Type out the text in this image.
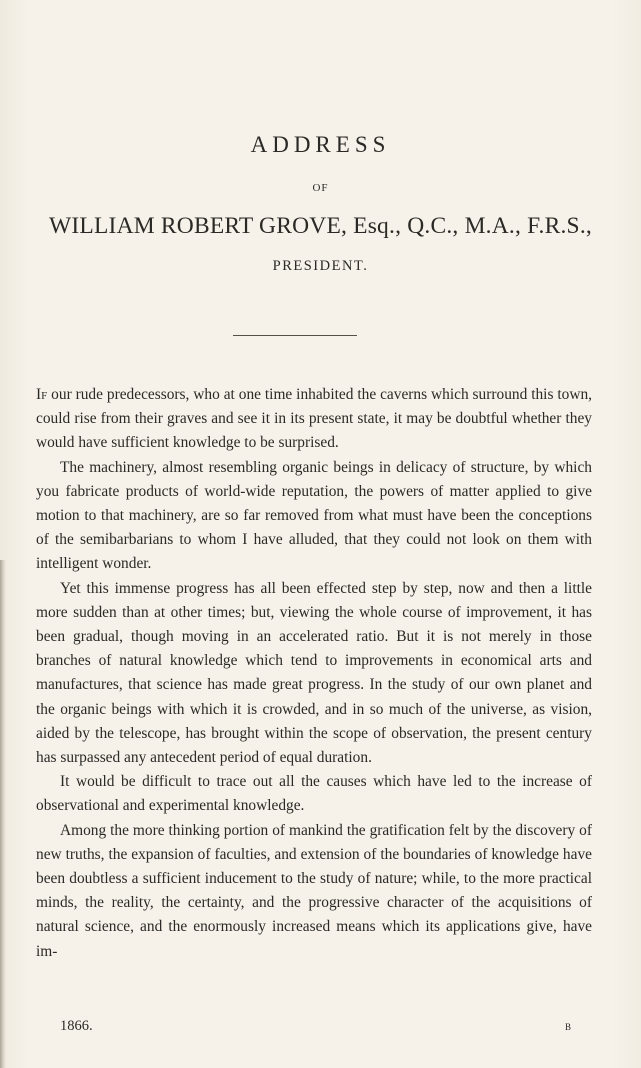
ADDRESS
OF
WILLIAM ROBERT GROVE, Esq., Q.C., M.A., F.R.S.,
PRESIDENT.

If our rude predecessors, who at one time inhabited the caverns which surround this town, could rise from their graves and see it in its present state, it may be doubtful whether they would have sufficient knowledge to be surprised.

The machinery, almost resembling organic beings in delicacy of structure, by which you fabricate products of world-wide reputation, the powers of matter applied to give motion to that machinery, are so far removed from what must have been the conceptions of the semibarbarians to whom I have alluded, that they could not look on them with intelligent wonder.

Yet this immense progress has all been effected step by step, now and then a little more sudden than at other times; but, viewing the whole course of improvement, it has been gradual, though moving in an accelerated ratio. But it is not merely in those branches of natural knowledge which tend to improvements in economical arts and manufactures, that science has made great progress. In the study of our own planet and the organic beings with which it is crowded, and in so much of the universe, as vision, aided by the telescope, has brought within the scope of observation, the present century has surpassed any antecedent period of equal duration.

It would be difficult to trace out all the causes which have led to the increase of observational and experimental knowledge.

Among the more thinking portion of mankind the gratification felt by the discovery of new truths, the expansion of faculties, and extension of the boundaries of knowledge have been doubtless a sufficient inducement to the study of nature; while, to the more practical minds, the reality, the certainty, and the progressive character of the acquisitions of natural science, and the enormously increased means which its applications give, have im-

1866.	B
